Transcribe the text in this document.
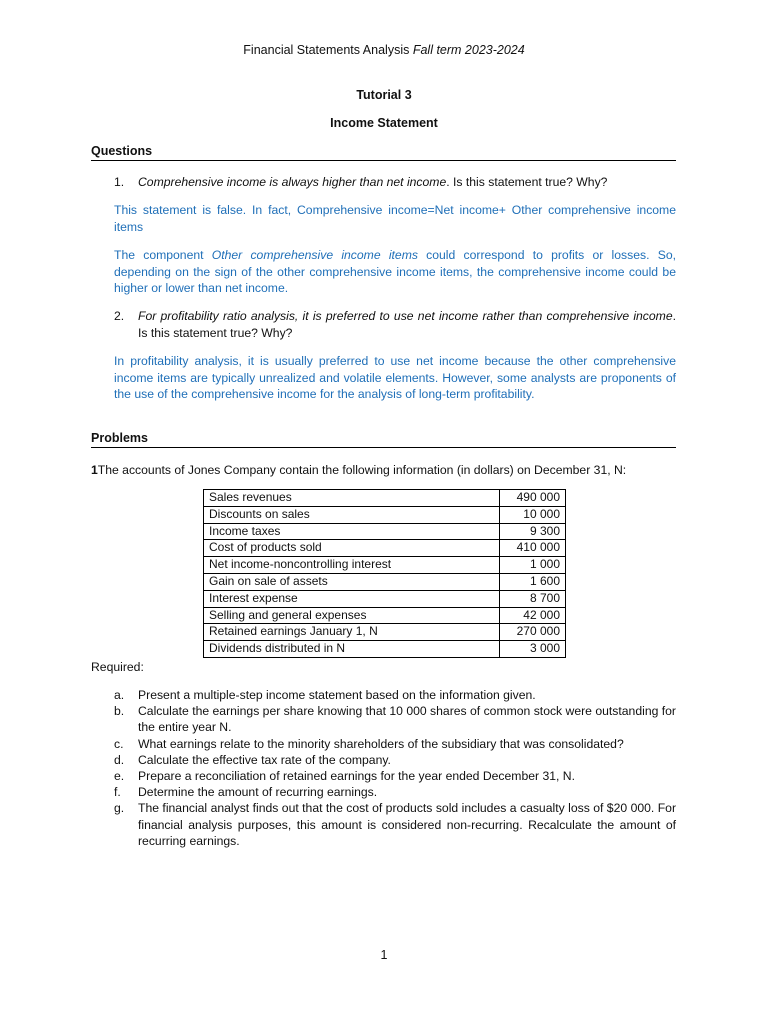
Financial Statements Analysis Fall term 2023-2024
Tutorial 3
Income Statement
Questions
1. Comprehensive income is always higher than net income. Is this statement true? Why?
This statement is false. In fact, Comprehensive income=Net income+ Other comprehensive income items
The component Other comprehensive income items could correspond to profits or losses. So, depending on the sign of the other comprehensive income items, the comprehensive income could be higher or lower than net income.
2. For profitability ratio analysis, it is preferred to use net income rather than comprehensive income. Is this statement true? Why?
In profitability analysis, it is usually preferred to use net income because the other comprehensive income items are typically unrealized and volatile elements. However, some analysts are proponents of the use of the comprehensive income for the analysis of long-term profitability.
Problems
1The accounts of Jones Company contain the following information (in dollars) on December 31, N:
Sales revenues	490 000
Discounts on sales	10 000
Income taxes	9 300
Cost of products sold	410 000
Net income-noncontrolling interest	1 000
Gain on sale of assets	1 600
Interest expense	8 700
Selling and general expenses	42 000
Retained earnings January 1, N	270 000
Dividends distributed in N	3 000
Required:
a. Present a multiple-step income statement based on the information given.
b. Calculate the earnings per share knowing that 10 000 shares of common stock were outstanding for the entire year N.
c. What earnings relate to the minority shareholders of the subsidiary that was consolidated?
d. Calculate the effective tax rate of the company.
e. Prepare a reconciliation of retained earnings for the year ended December 31, N.
f. Determine the amount of recurring earnings.
g. The financial analyst finds out that the cost of products sold includes a casualty loss of $20 000. For financial analysis purposes, this amount is considered non-recurring. Recalculate the amount of recurring earnings.
1
